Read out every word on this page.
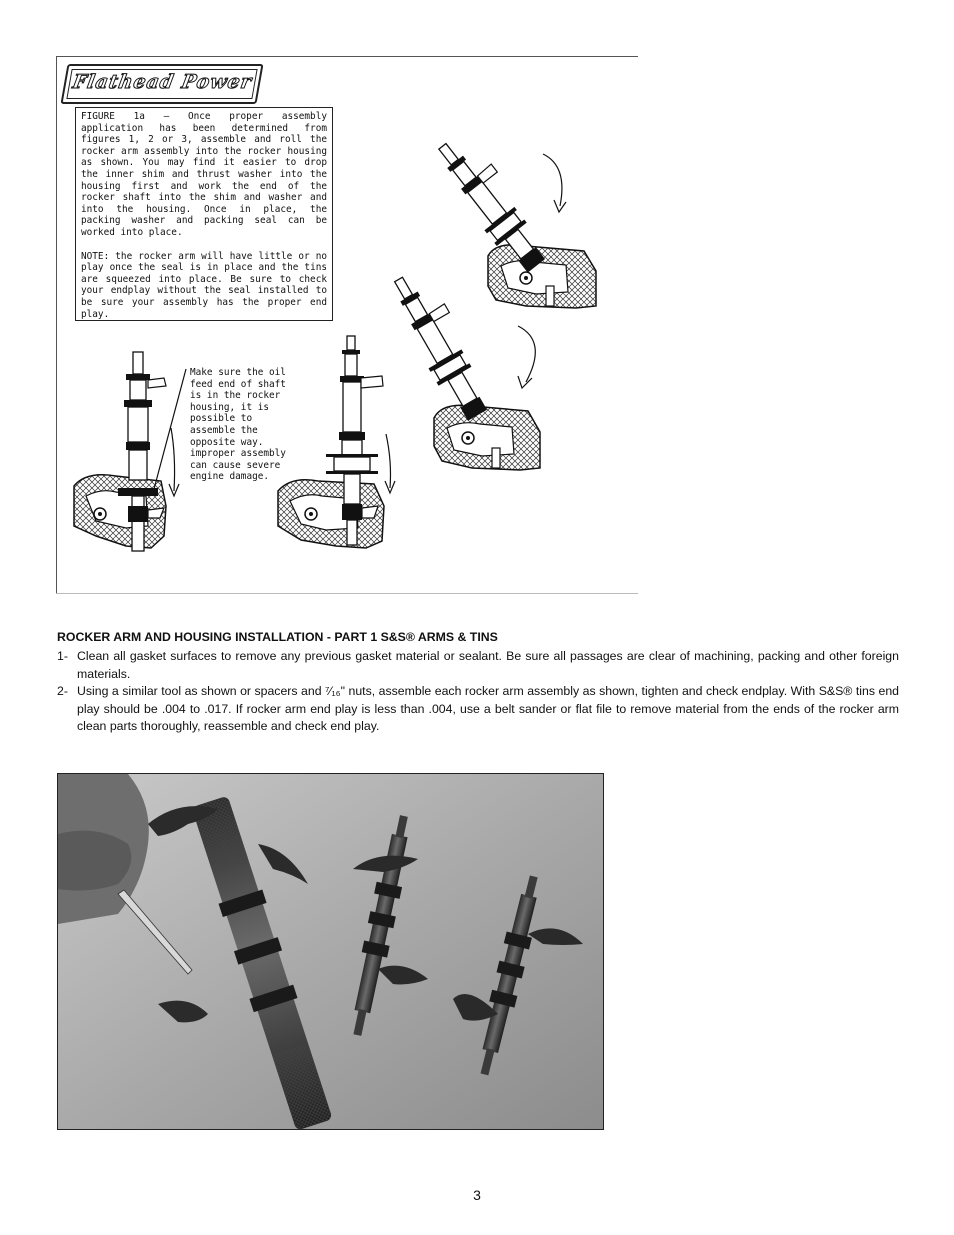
Flathead Power

FIGURE 1a — Once proper assembly application has been determined from figures 1, 2 or 3, assemble and roll the rocker arm assembly into the rocker housing as shown. You may find it easier to drop the inner shim and thrust washer into the housing first and work the end of the rocker shaft into the shim and washer and into the housing. Once in place, the packing washer and packing seal can be worked into place.

NOTE: the rocker arm will have little or no play once the seal is in place and the tins are squeezed into place. Be sure to check your endplay without the seal installed to be sure your assembly has the proper end play.

Make sure the oil
feed end of shaft
is in the rocker
housing, it is
possible to
assemble the
opposite way.
improper assembly
can cause severe
engine damage.
ROCKER ARM AND HOUSING INSTALLATION - PART 1 S&S® ARMS & TINS
1- Clean all gasket surfaces to remove any previous gasket material or sealant. Be sure all passages are clear of machining, packing and other foreign materials.
2- Using a similar tool as shown or spacers and ⁷⁄₁₆" nuts, assemble each rocker arm assembly as shown, tighten and check endplay. With S&S® tins end play should be .004 to .017. If rocker arm end play is less than .004, use a belt sander or flat file to remove material from the ends of the rocker arm clean parts thoroughly, reassemble and check end play.
3
